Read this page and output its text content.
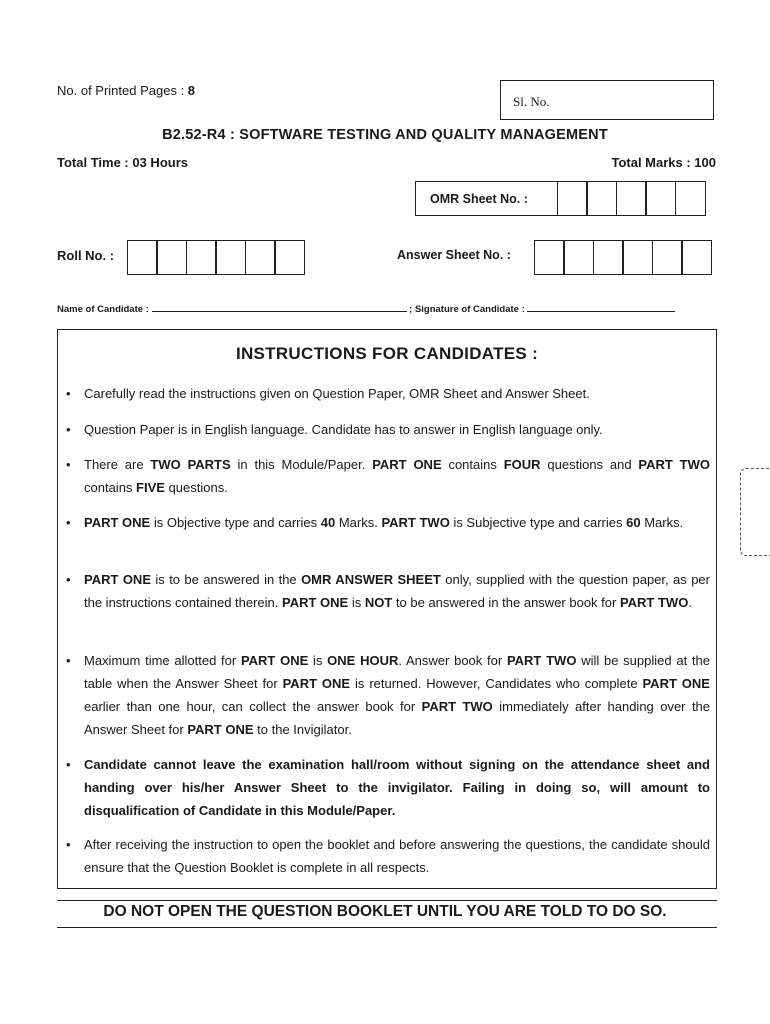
No. of Printed Pages : 8
Sl. No.
B2.52-R4 : SOFTWARE TESTING AND QUALITY MANAGEMENT
Total Time : 03 Hours	Total Marks : 100
OMR Sheet No. :
Roll No. :	Answer Sheet No. :
Name of Candidate :	; Signature of Candidate :
INSTRUCTIONS FOR CANDIDATES :
• Carefully read the instructions given on Question Paper, OMR Sheet and Answer Sheet.
• Question Paper is in English language. Candidate has to answer in English language only.
• There are TWO PARTS in this Module/Paper. PART ONE contains FOUR questions and PART TWO contains FIVE questions.
• PART ONE is Objective type and carries 40 Marks. PART TWO is Subjective type and carries 60 Marks.
• PART ONE is to be answered in the OMR ANSWER SHEET only, supplied with the question paper, as per the instructions contained therein. PART ONE is NOT to be answered in the answer book for PART TWO.
• Maximum time allotted for PART ONE is ONE HOUR. Answer book for PART TWO will be supplied at the table when the Answer Sheet for PART ONE is returned. However, Candidates who complete PART ONE earlier than one hour, can collect the answer book for PART TWO immediately after handing over the Answer Sheet for PART ONE to the Invigilator.
• Candidate cannot leave the examination hall/room without signing on the attendance sheet and handing over his/her Answer Sheet to the invigilator. Failing in doing so, will amount to disqualification of Candidate in this Module/Paper.
• After receiving the instruction to open the booklet and before answering the questions, the candidate should ensure that the Question Booklet is complete in all respects.
DO NOT OPEN THE QUESTION BOOKLET UNTIL YOU ARE TOLD TO DO SO.
